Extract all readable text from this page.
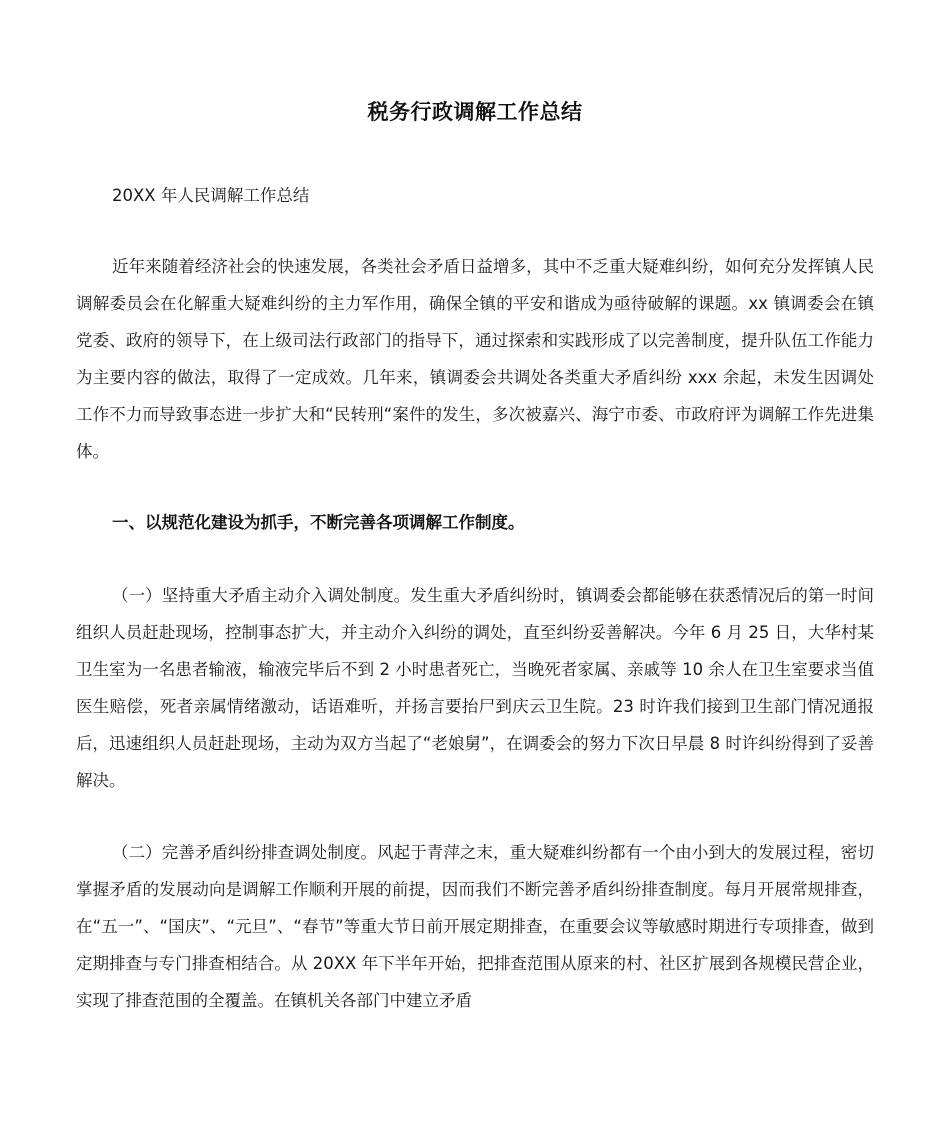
税务行政调解工作总结
20XX 年人民调解工作总结
近年来随着经济社会的快速发展，各类社会矛盾日益增多，其中不乏重大疑难纠纷，如何充分发挥镇人民调解委员会在化解重大疑难纠纷的主力军作用，确保全镇的平安和谐成为亟待破解的课题。xx 镇调委会在镇党委、政府的领导下，在上级司法行政部门的指导下，通过探索和实践形成了以完善制度，提升队伍工作能力为主要内容的做法，取得了一定成效。几年来，镇调委会共调处各类重大矛盾纠纷 xxx 余起，未发生因调处工作不力而导致事态进一步扩大和“民转刑“案件的发生，多次被嘉兴、海宁市委、市政府评为调解工作先进集体。
一、以规范化建设为抓手，不断完善各项调解工作制度。
（一）坚持重大矛盾主动介入调处制度。发生重大矛盾纠纷时，镇调委会都能够在获悉情况后的第一时间组织人员赶赴现场，控制事态扩大，并主动介入纠纷的调处，直至纠纷妥善解决。今年 6 月 25 日，大华村某卫生室为一名患者输液，输液完毕后不到 2 小时患者死亡，当晚死者家属、亲戚等 10 余人在卫生室要求当值医生赔偿，死者亲属情绪激动，话语难听，并扬言要抬尸到庆云卫生院。23 时许我们接到卫生部门情况通报后，迅速组织人员赶赴现场，主动为双方当起了“老娘舅”，在调委会的努力下次日早晨 8 时许纠纷得到了妥善解决。
（二）完善矛盾纠纷排查调处制度。风起于青萍之末，重大疑难纠纷都有一个由小到大的发展过程，密切掌握矛盾的发展动向是调解工作顺利开展的前提，因而我们不断完善矛盾纠纷排查制度。每月开展常规排查，在“五一”、“国庆”、“元旦”、“春节”等重大节日前开展定期排查，在重要会议等敏感时期进行专项排查，做到定期排查与专门排查相结合。从 20XX 年下半年开始，把排查范围从原来的村、社区扩展到各规模民营企业，实现了排查范围的全覆盖。在镇机关各部门中建立矛盾
